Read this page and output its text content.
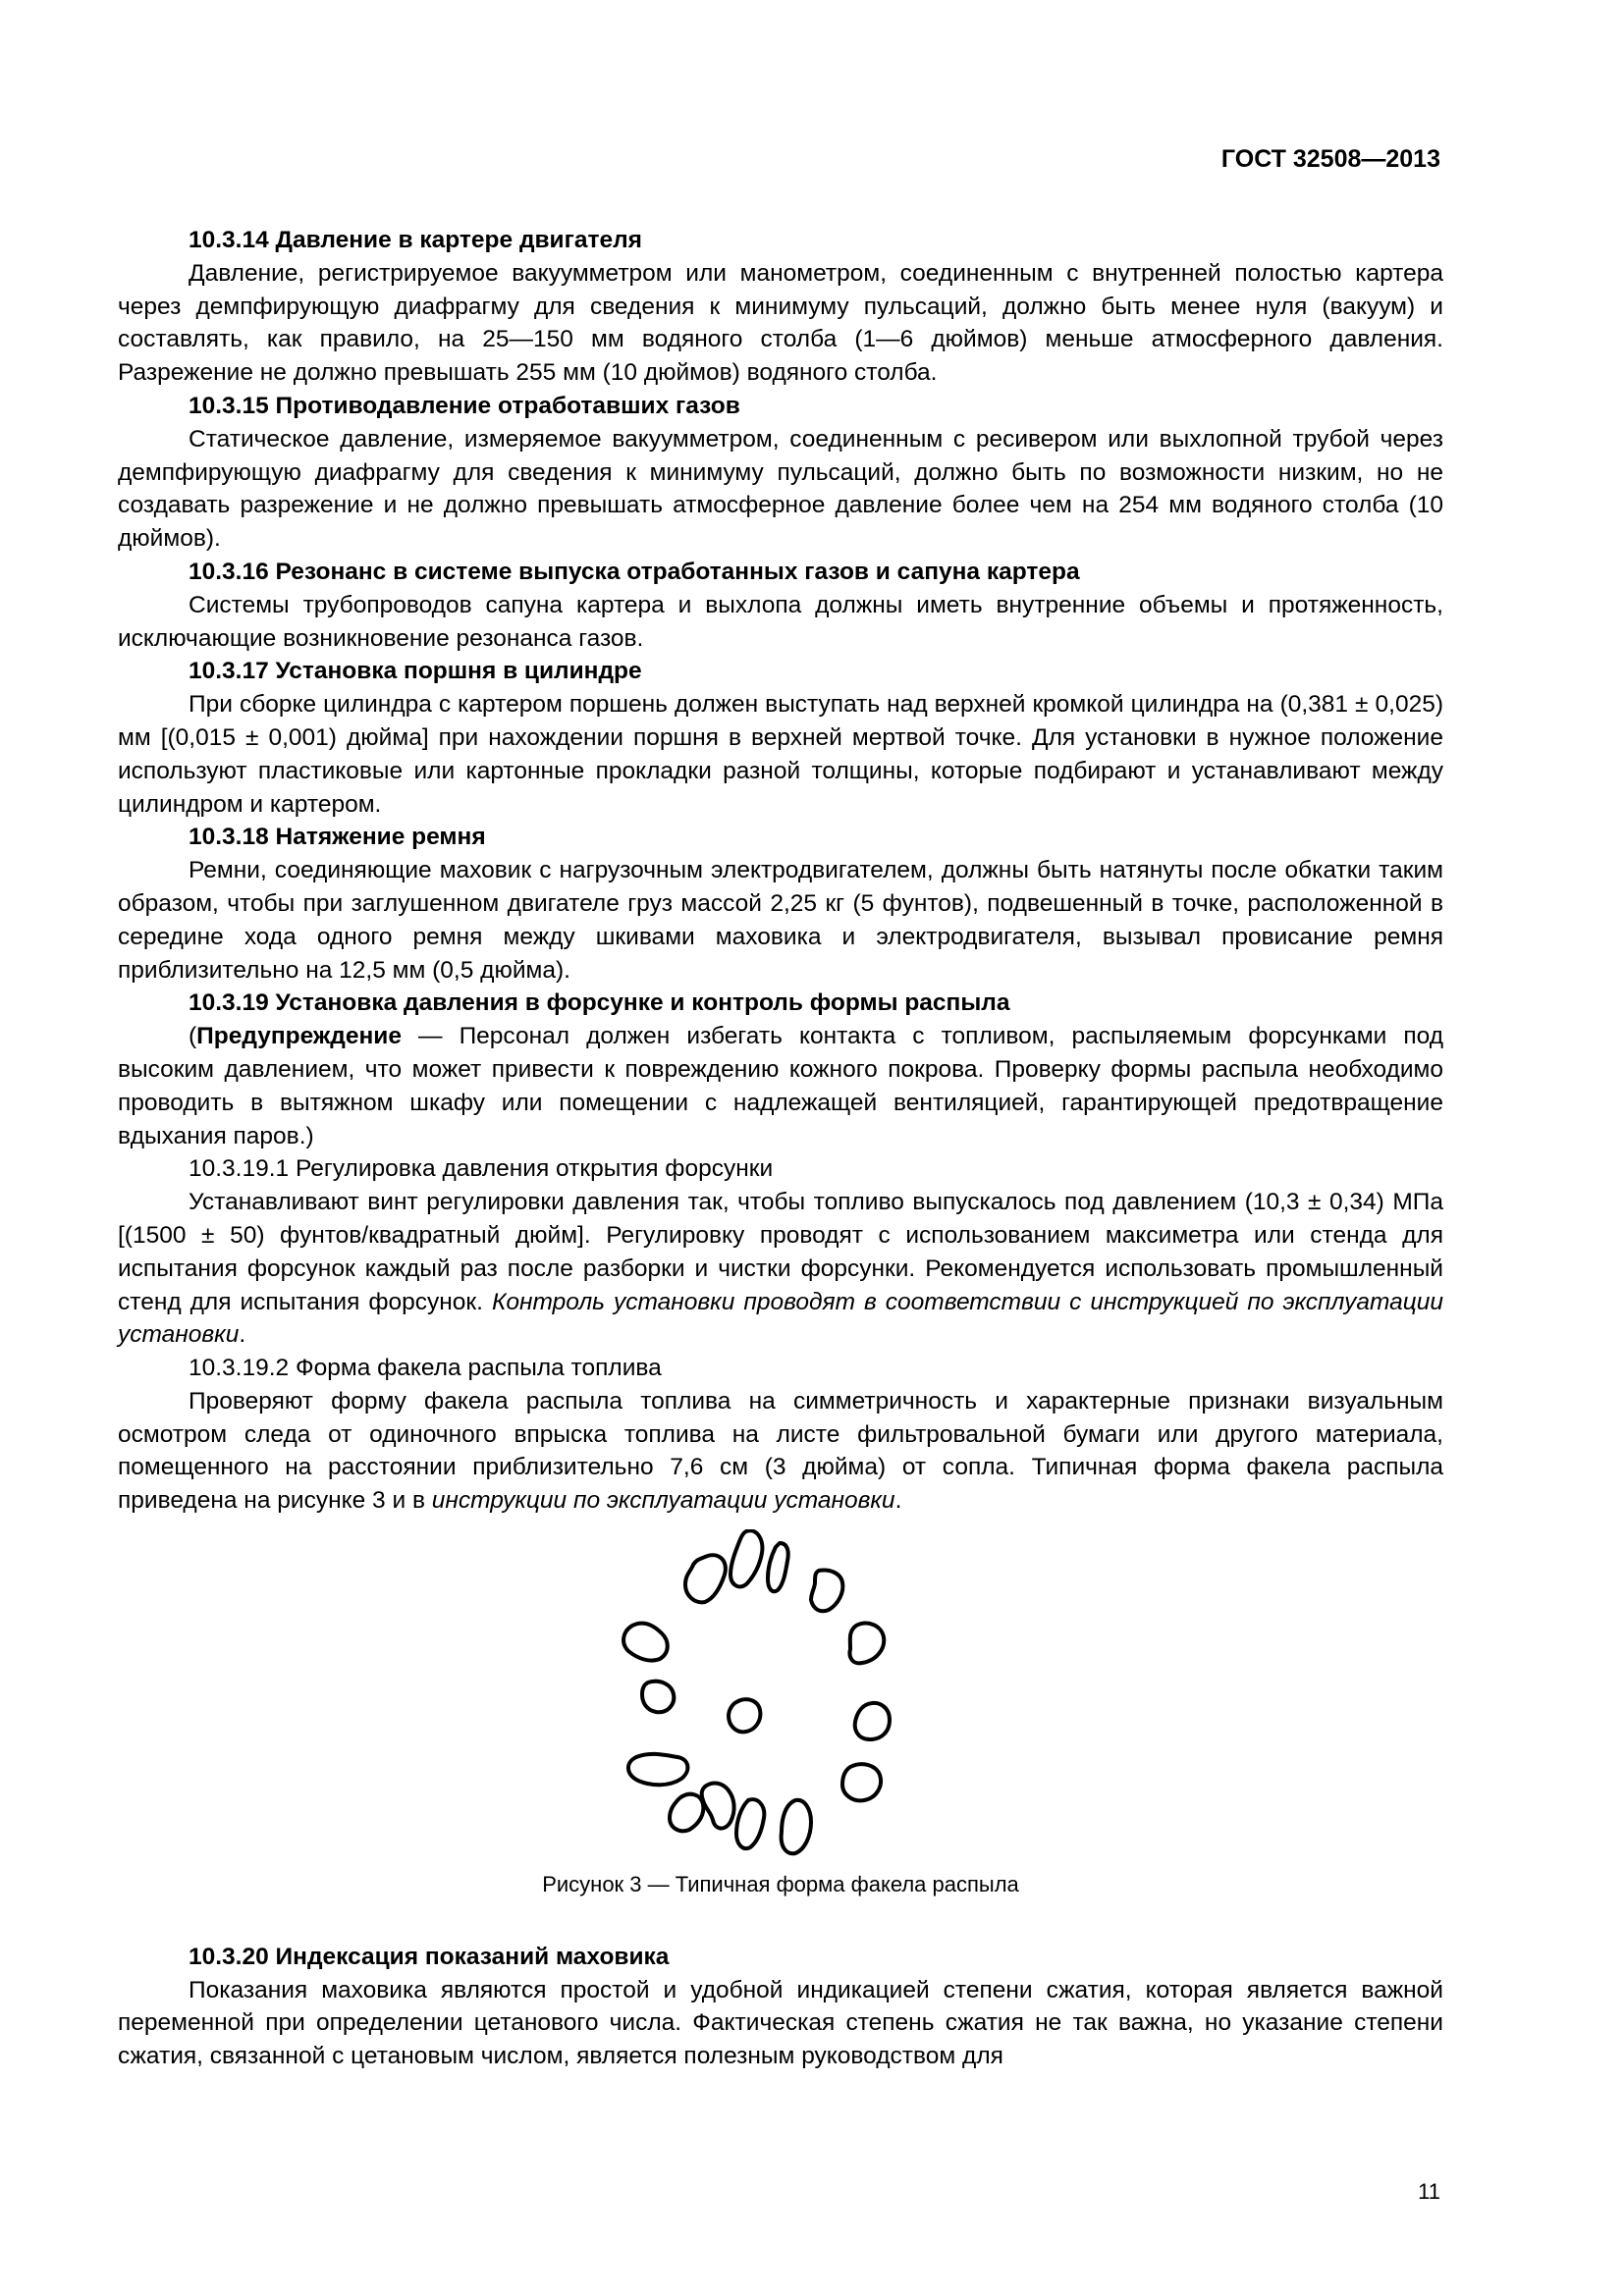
ГОСТ 32508—2013

10.3.14 Давление в картере двигателя

Давление, регистрируемое вакуумметром или манометром, соединенным с внутренней полостью картера через демпфирующую диафрагму для сведения к минимуму пульсаций, должно быть менее нуля (вакуум) и составлять, как правило, на 25—150 мм водяного столба (1—6 дюймов) меньше атмосферного давления. Разрежение не должно превышать 255 мм (10 дюймов) водяного столба.

10.3.15 Противодавление отработавших газов

Статическое давление, измеряемое вакуумметром, соединенным с ресивером или выхлопной трубой через демпфирующую диафрагму для сведения к минимуму пульсаций, должно быть по возможности низким, но не создавать разрежение и не должно превышать атмосферное давление более чем на 254 мм водяного столба (10 дюймов).

10.3.16 Резонанс в системе выпуска отработанных газов и сапуна картера

Системы трубопроводов сапуна картера и выхлопа должны иметь внутренние объемы и протяженность, исключающие возникновение резонанса газов.

10.3.17 Установка поршня в цилиндре

При сборке цилиндра с картером поршень должен выступать над верхней кромкой цилиндра на (0,381 ± 0,025) мм [(0,015 ± 0,001) дюйма] при нахождении поршня в верхней мертвой точке. Для установки в нужное положение используют пластиковые или картонные прокладки разной толщины, которые подбирают и устанавливают между цилиндром и картером.

10.3.18 Натяжение ремня

Ремни, соединяющие маховик с нагрузочным электродвигателем, должны быть натянуты после обкатки таким образом, чтобы при заглушенном двигателе груз массой 2,25 кг (5 фунтов), подвешенный в точке, расположенной в середине хода одного ремня между шкивами маховика и электродвигателя, вызывал провисание ремня приблизительно на 12,5 мм (0,5 дюйма).

10.3.19 Установка давления в форсунке и контроль формы распыла

(Предупреждение — Персонал должен избегать контакта с топливом, распыляемым форсунками под высоким давлением, что может привести к повреждению кожного покрова. Проверку формы распыла необходимо проводить в вытяжном шкафу или помещении с надлежащей вентиляцией, гарантирующей предотвращение вдыхания паров.)

10.3.19.1 Регулировка давления открытия форсунки

Устанавливают винт регулировки давления так, чтобы топливо выпускалось под давлением (10,3 ± 0,34) МПа [(1500 ± 50) фунтов/квадратный дюйм]. Регулировку проводят с использованием максиметра или стенда для испытания форсунок каждый раз после разборки и чистки форсунки. Рекомендуется использовать промышленный стенд для испытания форсунок. Контроль установки проводят в соответствии с инструкцией по эксплуатации установки.

10.3.19.2 Форма факела распыла топлива

Проверяют форму факела распыла топлива на симметричность и характерные признаки визуальным осмотром следа от одиночного впрыска топлива на листе фильтровальной бумаги или другого материала, помещенного на расстоянии приблизительно 7,6 см (3 дюйма) от сопла. Типичная форма факела распыла приведена на рисунке 3 и в инструкции по эксплуатации установки.

Рисунок 3 — Типичная форма факела распыла

10.3.20 Индексация показаний маховика

Показания маховика являются простой и удобной индикацией степени сжатия, которая является важной переменной при определении цетанового числа. Фактическая степень сжатия не так важна, но указание степени сжатия, связанной с цетановым числом, является полезным руководством для

11
